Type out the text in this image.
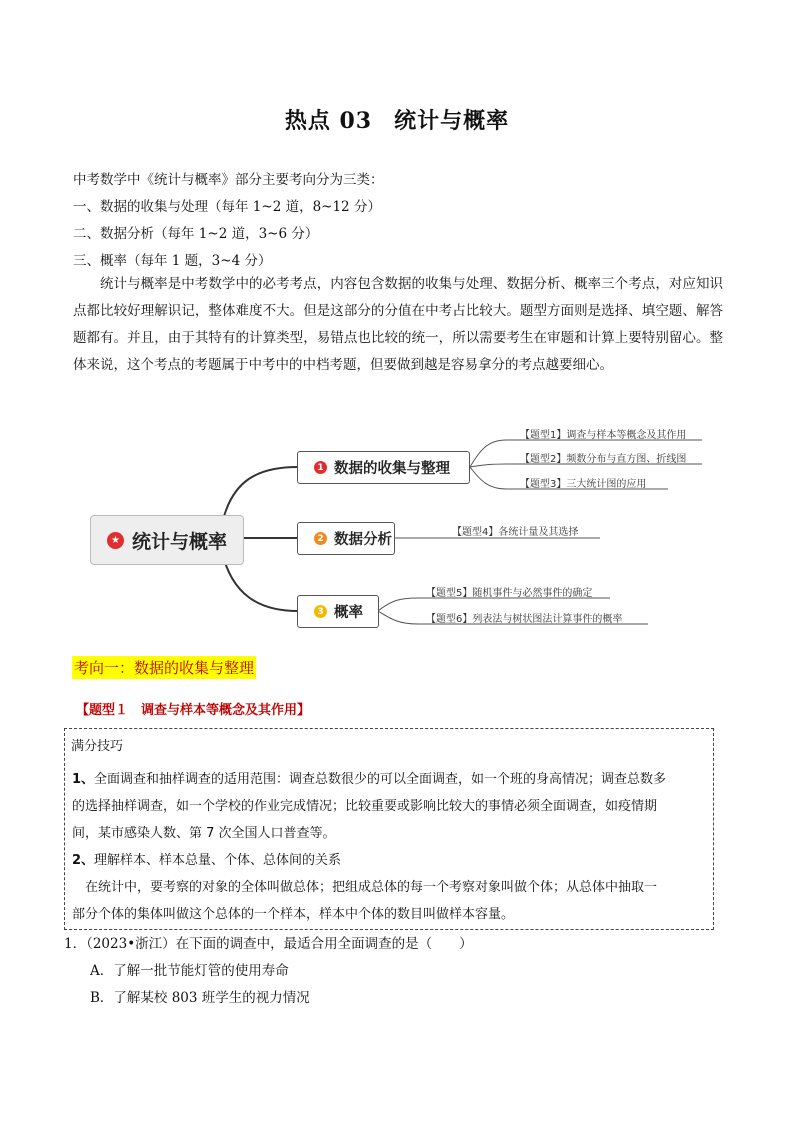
热点 03 统计与概率
中考数学中《统计与概率》部分主要考向分为三类：
一、数据的收集与处理（每年 1~2 道，8~12 分）
二、数据分析（每年 1~2 道，3~6 分）
三、概率（每年 1 题，3~4 分）
统计与概率是中考数学中的必考考点，内容包含数据的收集与处理、数据分析、概率三个考点，对应知识点都比较好理解识记，整体难度不大。但是这部分的分值在中考占比较大。题型方面则是选择、填空题、解答题都有。并且，由于其特有的计算类型，易错点也比较的统一，所以需要考生在审题和计算上要特别留心。整体来说，这个考点的考题属于中考中的中档考题，但要做到越是容易拿分的考点越要细心。
★ 统计与概率
1 数据的收集与整理
2 数据分析
3 概率
【题型1】调查与样本等概念及其作用
【题型2】频数分布与直方图、折线图
【题型3】三大统计图的应用
【题型4】各统计量及其选择
【题型5】随机事件与必然事件的确定
【题型6】列表法与树状图法计算事件的概率
考向一：数据的收集与整理
【题型１　调查与样本等概念及其作用】
满分技巧
1、全面调查和抽样调查的适用范围：调查总数很少的可以全面调查，如一个班的身高情况；调查总数多
的选择抽样调查，如一个学校的作业完成情况；比较重要或影响比较大的事情必须全面调查，如疫情期
间，某市感染人数、第 7 次全国人口普查等。
2、理解样本、样本总量、个体、总体间的关系
在统计中，要考察的对象的全体叫做总体；把组成总体的每一个考察对象叫做个体；从总体中抽取一
部分个体的集体叫做这个总体的一个样本，样本中个体的数目叫做样本容量。
1．（2023•浙江）在下面的调查中，最适合用全面调查的是（　　）
A．了解一批节能灯管的使用寿命
B．了解某校 803 班学生的视力情况
